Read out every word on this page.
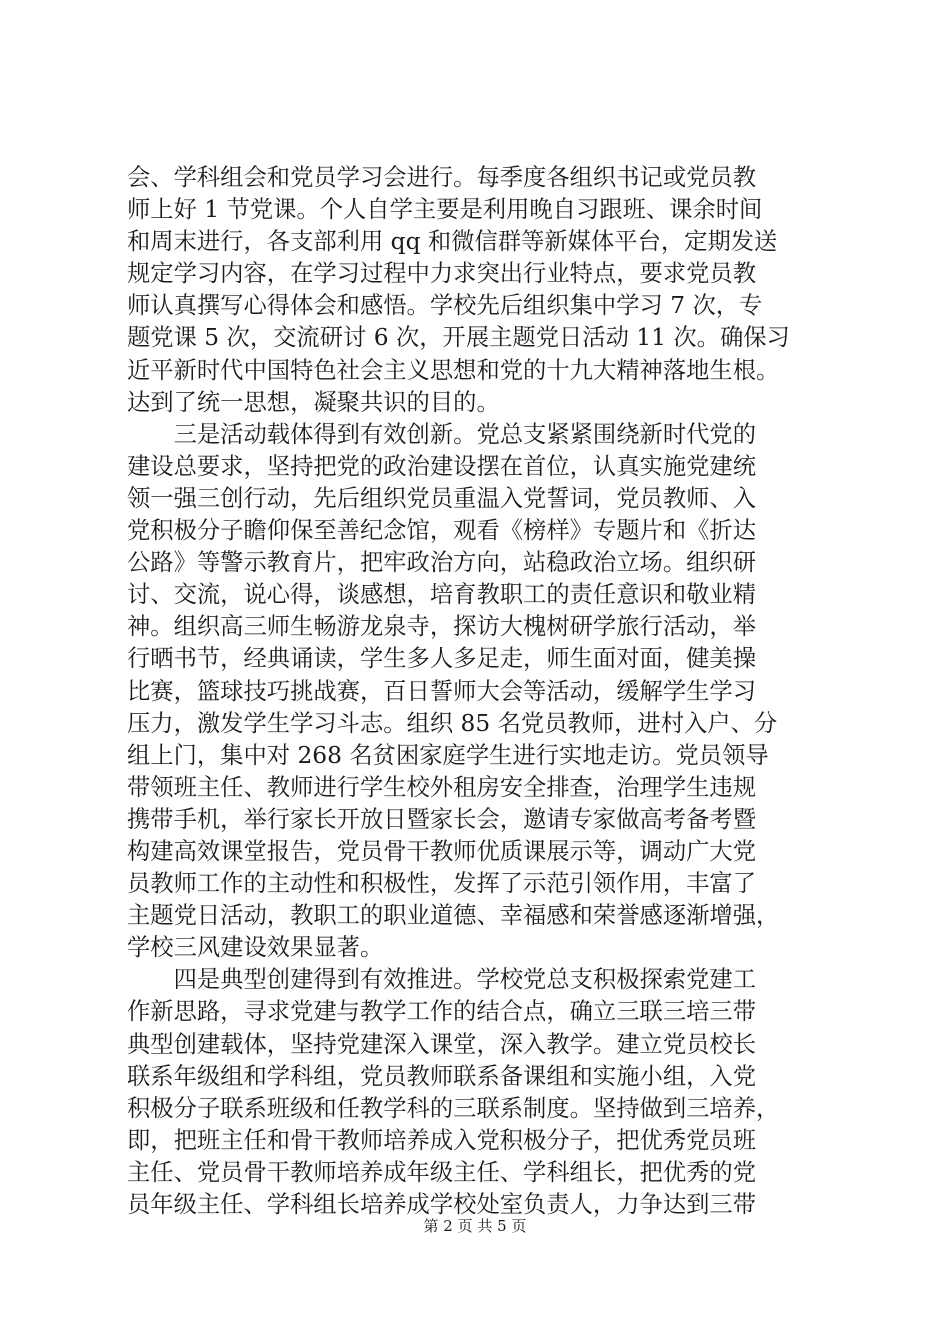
会、学科组会和党员学习会进行。每季度各组织书记或党员教
师上好 1 节党课。个人自学主要是利用晚自习跟班、课余时间
和周末进行，各支部利用 qq 和微信群等新媒体平台，定期发送
规定学习内容，在学习过程中力求突出行业特点，要求党员教
师认真撰写心得体会和感悟。学校先后组织集中学习 7 次，专
题党课 5 次，交流研讨 6 次，开展主题党日活动 11 次。确保习
近平新时代中国特色社会主义思想和党的十九大精神落地生根。
达到了统一思想，凝聚共识的目的。
　　三是活动载体得到有效创新。党总支紧紧围绕新时代党的
建设总要求，坚持把党的政治建设摆在首位，认真实施党建统
领一强三创行动，先后组织党员重温入党誓词，党员教师、入
党积极分子瞻仰保至善纪念馆，观看《榜样》专题片和《折达
公路》等警示教育片，把牢政治方向，站稳政治立场。组织研
讨、交流，说心得，谈感想，培育教职工的责任意识和敬业精
神。组织高三师生畅游龙泉寺，探访大槐树研学旅行活动，举
行晒书节，经典诵读，学生多人多足走，师生面对面，健美操
比赛，篮球技巧挑战赛，百日誓师大会等活动，缓解学生学习
压力，激发学生学习斗志。组织 85 名党员教师，进村入户、分
组上门，集中对 268 名贫困家庭学生进行实地走访。党员领导
带领班主任、教师进行学生校外租房安全排查，治理学生违规
携带手机，举行家长开放日暨家长会，邀请专家做高考备考暨
构建高效课堂报告，党员骨干教师优质课展示等，调动广大党
员教师工作的主动性和积极性，发挥了示范引领作用，丰富了
主题党日活动，教职工的职业道德、幸福感和荣誉感逐渐增强，
学校三风建设效果显著。
　　四是典型创建得到有效推进。学校党总支积极探索党建工
作新思路，寻求党建与教学工作的结合点，确立三联三培三带
典型创建载体，坚持党建深入课堂，深入教学。建立党员校长
联系年级组和学科组，党员教师联系备课组和实施小组，入党
积极分子联系班级和任教学科的三联系制度。坚持做到三培养，
即，把班主任和骨干教师培养成入党积极分子，把优秀党员班
主任、党员骨干教师培养成年级主任、学科组长，把优秀的党
员年级主任、学科组长培养成学校处室负责人，力争达到三带
第 2 页 共 5 页
